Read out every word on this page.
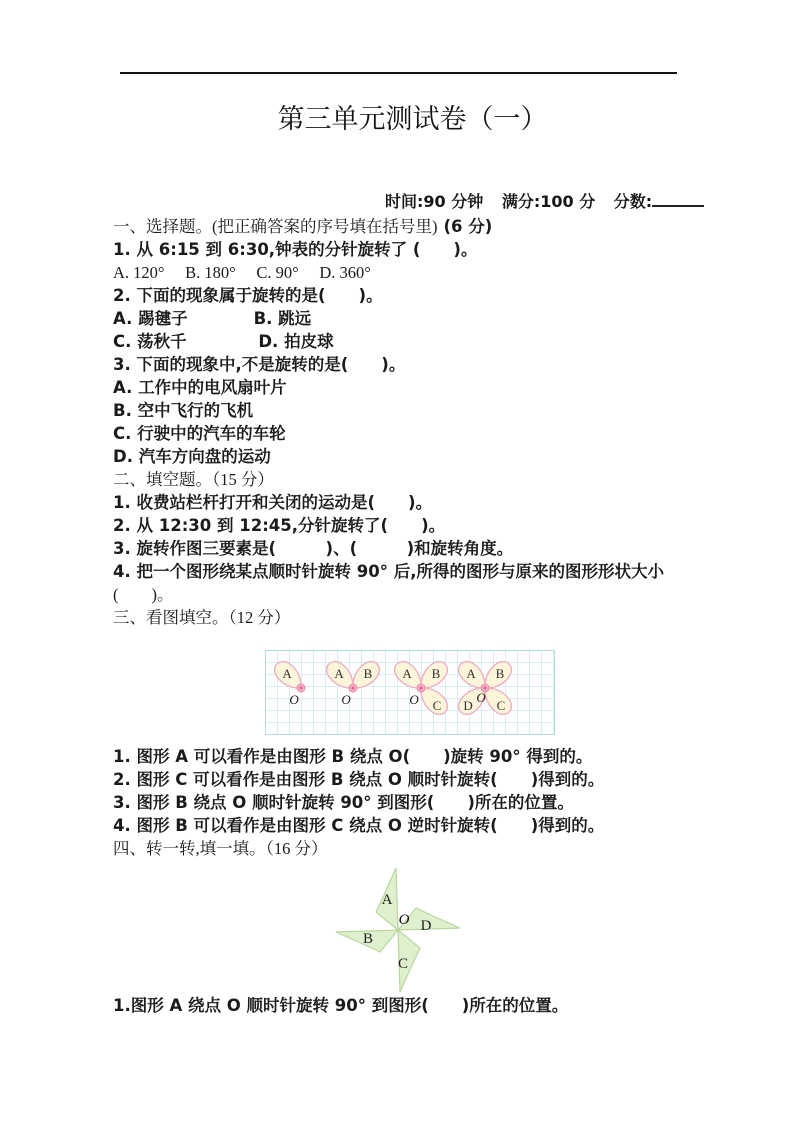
第三单元测试卷（一）
时间:90 分钟 满分:100 分 分数:
一、选择题。(把正确答案的序号填在括号里) (6 分)
1. 从 6:15 到 6:30,钟表的分针旋转了 (　　)。
A. 120°　 B. 180°　 C. 90°　 D. 360°
2. 下面的现象属于旋转的是(　　)。
A. 踢毽子　　　　B. 跳远
C. 荡秋千　　　　 D. 拍皮球
3. 下面的现象中,不是旋转的是(　　)。
A. 工作中的电风扇叶片
B. 空中飞行的飞机
C. 行驶中的汽车的车轮
D. 汽车方向盘的运动
二、填空题。（15 分）
1. 收费站栏杆打开和关闭的运动是(　　)。
2. 从 12:30 到 12:45,分针旋转了(　　)。
3. 旋转作图三要素是(　　　)、(　　　)和旋转角度。
4. 把一个图形绕某点顺时针旋转 90° 后,所得的图形与原来的图形形状大小
(　　)。
三、看图填空。（12 分）
A
O
A B
O
A B
C
O
A B
C
D
O
1. 图形 A 可以看作是由图形 B 绕点 O(　　)旋转 90° 得到的。
2. 图形 C 可以看作是由图形 B 绕点 O 顺时针旋转(　　)得到的。
3. 图形 B 绕点 O 顺时针旋转 90° 到图形(　　)所在的位置。
4. 图形 B 可以看作是由图形 C 绕点 O 逆时针旋转(　　)得到的。
四、转一转,填一填。（16 分）
A
B
C
D
O
1.图形 A 绕点 O 顺时针旋转 90° 到图形(　　)所在的位置。
